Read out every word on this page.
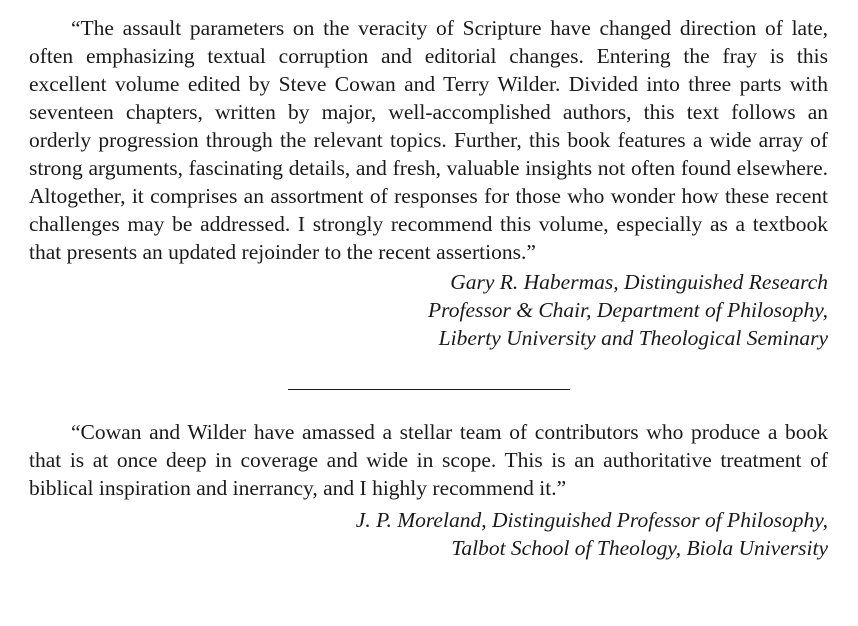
“The assault parameters on the veracity of Scripture have changed direction of late, often emphasizing textual corruption and editorial changes. Entering the fray is this excellent volume edited by Steve Cowan and Terry Wilder. Divided into three parts with seventeen chapters, written by major, well-accomplished authors, this text follows an orderly progression through the relevant topics. Further, this book features a wide array of strong arguments, fascinating details, and fresh, valuable insights not often found elsewhere. Altogether, it comprises an assortment of responses for those who wonder how these recent challenges may be addressed. I strongly recommend this volume, especially as a textbook that presents an updated rejoinder to the recent assertions.”

Gary R. Habermas, Distinguished Research
Professor & Chair, Department of Philosophy,
Liberty University and Theological Seminary

“Cowan and Wilder have amassed a stellar team of contributors who produce a book that is at once deep in coverage and wide in scope. This is an authoritative treatment of biblical inspiration and inerrancy, and I highly recommend it.”

J. P. Moreland, Distinguished Professor of Philosophy,
Talbot School of Theology, Biola University
